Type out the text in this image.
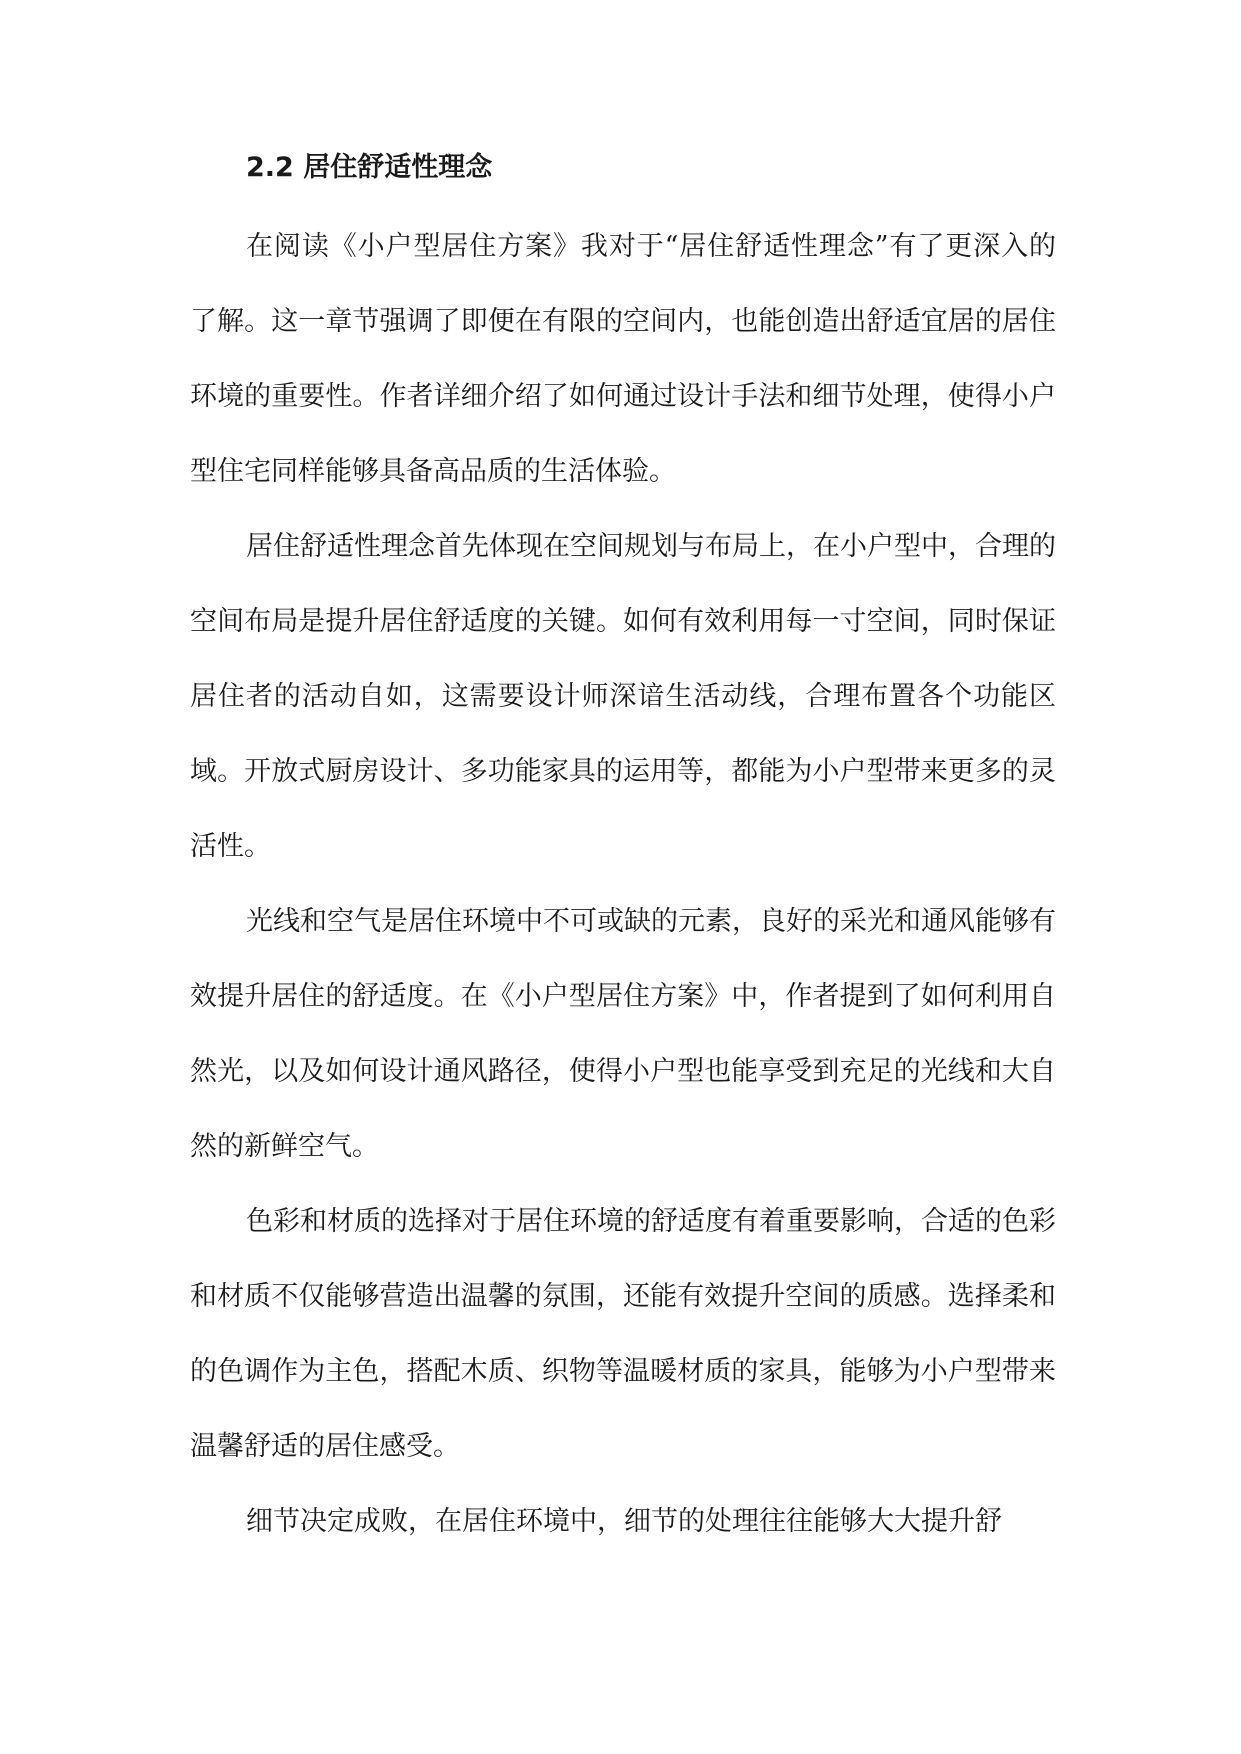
2.2 居住舒适性理念

在阅读《小户型居住方案》我对于“居住舒适性理念”有了更深入的了解。这一章节强调了即便在有限的空间内，也能创造出舒适宜居的居住环境的重要性。作者详细介绍了如何通过设计手法和细节处理，使得小户型住宅同样能够具备高品质的生活体验。

居住舒适性理念首先体现在空间规划与布局上，在小户型中，合理的空间布局是提升居住舒适度的关键。如何有效利用每一寸空间，同时保证居住者的活动自如，这需要设计师深谙生活动线，合理布置各个功能区域。开放式厨房设计、多功能家具的运用等，都能为小户型带来更多的灵活性。

光线和空气是居住环境中不可或缺的元素，良好的采光和通风能够有效提升居住的舒适度。在《小户型居住方案》中，作者提到了如何利用自然光，以及如何设计通风路径，使得小户型也能享受到充足的光线和大自然的新鲜空气。

色彩和材质的选择对于居住环境的舒适度有着重要影响，合适的色彩和材质不仅能够营造出温馨的氛围，还能有效提升空间的质感。选择柔和的色调作为主色，搭配木质、织物等温暖材质的家具，能够为小户型带来温馨舒适的居住感受。

细节决定成败，在居住环境中，细节的处理往往能够大大提升舒
